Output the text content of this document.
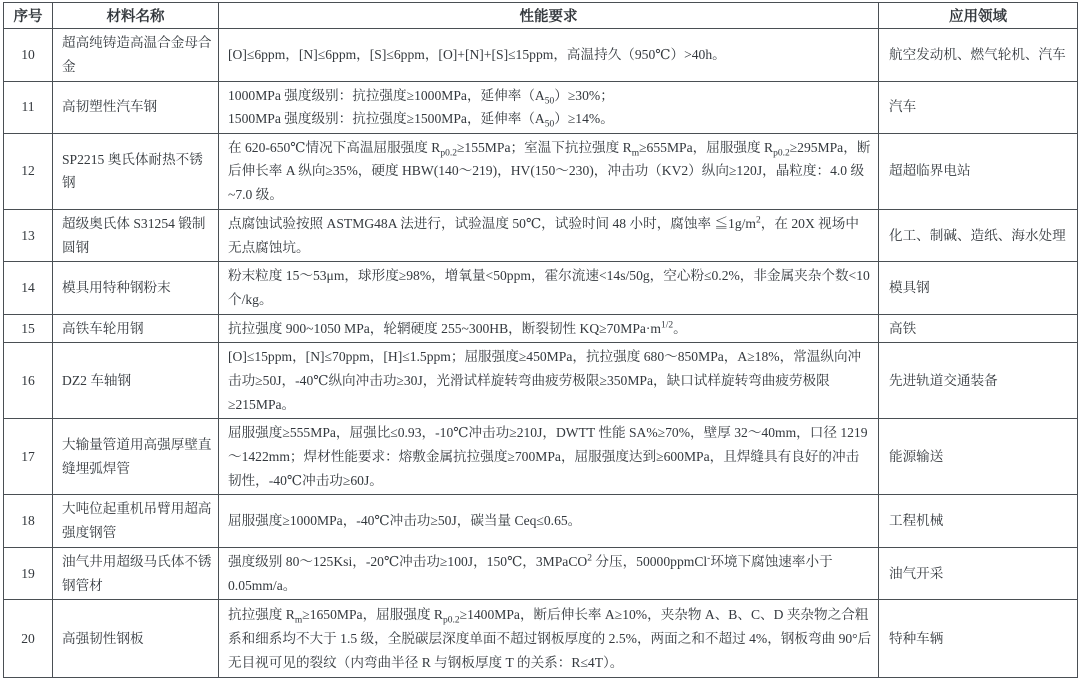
序号	材料名称	性能要求	应用领域
10	超高纯铸造高温合金母合金	[O]≤6ppm，[N]≤6ppm，[S]≤6ppm，[O]+[N]+[S]≤15ppm，高温持久（950℃）>40h。	航空发动机、燃气轮机、汽车
11	高韧塑性汽车钢	1000MPa 强度级别：抗拉强度≥1000MPa，延伸率$(A_{50})\ge 30\%$；
1500MPa 强度级别：抗拉强度≥1500MPa，延伸率$(A_{50})\ge 14\%$。	汽车
12	SP2215 奥氏体耐热不锈钢	在 620-650℃情况下高温屈服强度 $R_{p0.2}\ge 155MPa$；室温下抗拉强度 $R_m\ge 655MPa$，屈服强度 $R_{p0.2}\ge 295MPa$，断后伸长率 A 纵向≥35%，硬度 HBW(140～219)，HV(150～230)，冲击功（KV2）纵向≥120J，晶粒度：4.0 级~7.0 级。	超超临界电站
13	超级奥氏体 S31254 锻制圆钢	点腐蚀试验按照 ASTMG48A 法进行，试验温度 50℃，试验时间 48 小时，腐蚀率 $≦1g/m^2$，在 20X 视场中无点腐蚀坑。	化工、制碱、造纸、海水处理
14	模具用特种钢粉末	粉末粒度 15～53μm，球形度≥98%，增氧量<50ppm，霍尔流速<14s/50g，空心粉≤0.2%，非金属夹杂个数<10 个/kg。	模具钢
15	高铁车轮用钢	抗拉强度 900~1050 MPa，轮辋硬度 255~300HB，断裂韧性 $KQ\ge 70MPa\cdot m^{1/2}$。	高铁
16	DZ2 车轴钢	[O]≤15ppm，[N]≤70ppm，[H]≤1.5ppm；屈服强度≥450MPa，抗拉强度 680～850MPa，A≥18%，常温纵向冲击功≥50J，-40℃纵向冲击功≥30J，光滑试样旋转弯曲疲劳极限≥350MPa，缺口试样旋转弯曲疲劳极限≥215MPa。	先进轨道交通装备
17	大输量管道用高强厚壁直缝埋弧焊管	屈服强度≥555MPa，屈强比≤0.93，-10℃冲击功≥210J，DWTT 性能 SA%≥70%，壁厚 32～40mm，口径 1219～1422mm；焊材性能要求：熔敷金属抗拉强度≥700MPa，屈服强度达到≥600MPa，且焊缝具有良好的冲击韧性，-40℃冲击功≥60J。	能源输送
18	大吨位起重机吊臂用超高强度钢管	屈服强度≥1000MPa，-40℃冲击功≥50J，碳当量 Ceq≤0.65。	工程机械
19	油气井用超级马氏体不锈钢管材	强度级别 80～125Ksi，-20℃冲击功≥100J，150℃，3MPaCO$^2$ 分压，50000ppmCl-环境下腐蚀速率小于 0.05mm/a。	油气开采
20	高强韧性钢板	抗拉强度 $R_m\ge 1650MPa$，屈服强度 $R_{p0.2}\ge 1400MPa$，断后伸长率 A≥10%，夹杂物 A、B、C、D 夹杂物之合粗系和细系均不大于 1.5 级，全脱碳层深度单面不超过钢板厚度的 2.5%，两面之和不超过 4%，钢板弯曲 90°后无目视可见的裂纹（内弯曲半径 R 与钢板厚度 T 的关系：R≤4T）。	特种车辆
